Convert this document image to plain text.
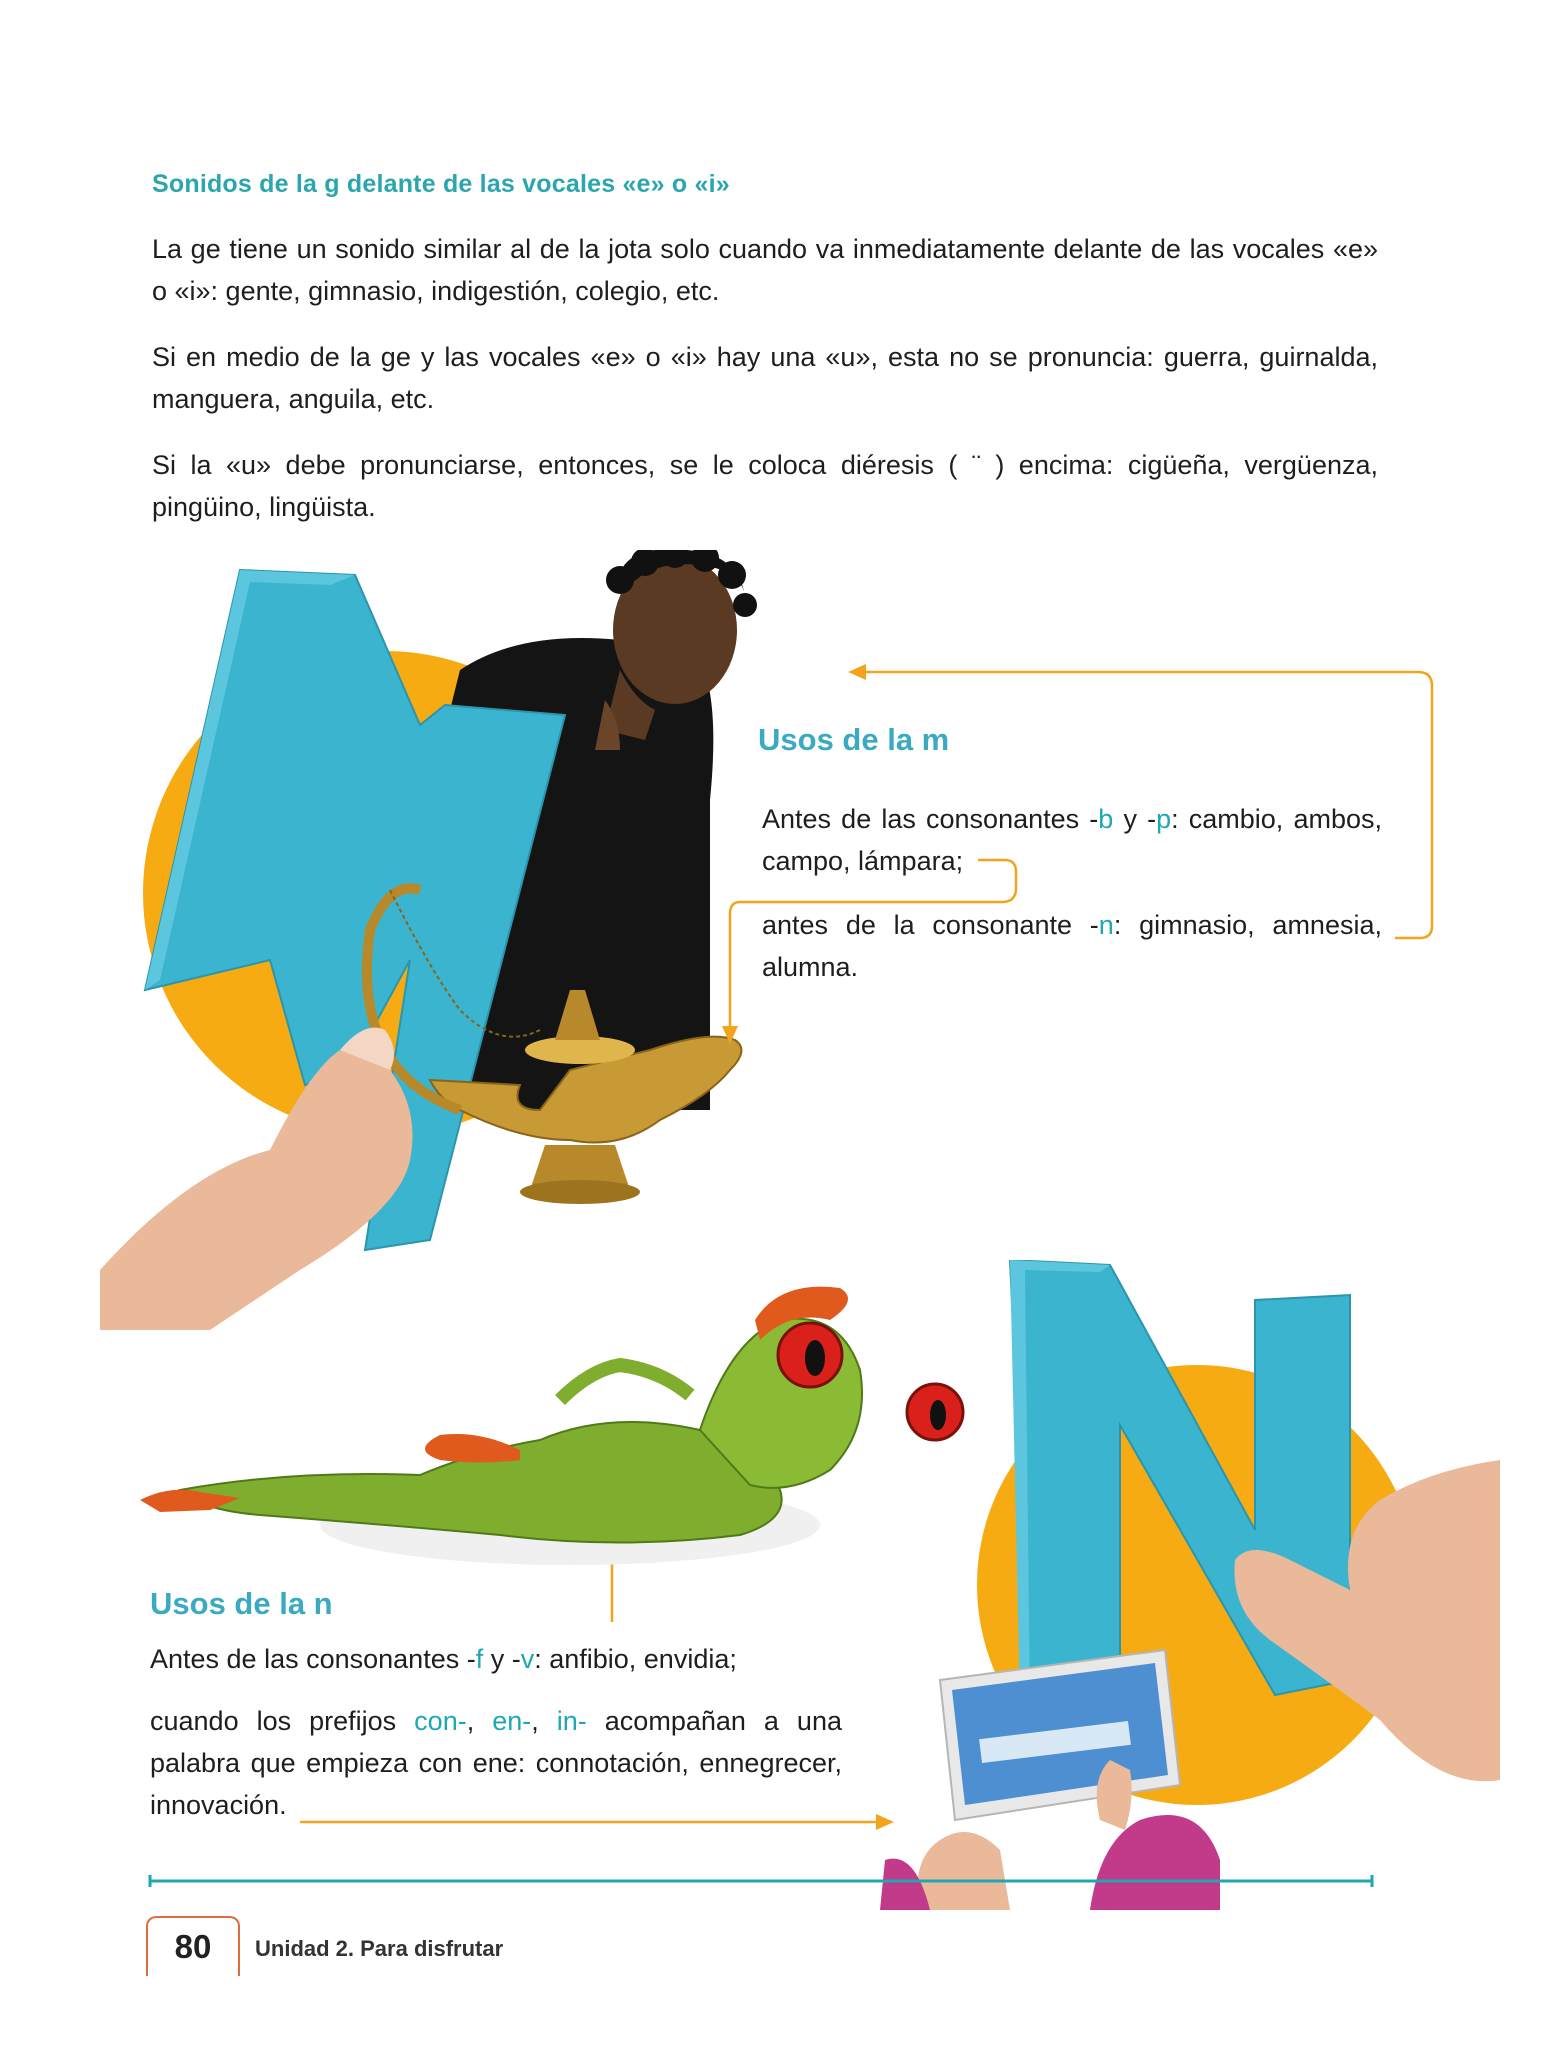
Sonidos de la g delante de las vocales «e» o «i»

La ge tiene un sonido similar al de la jota solo cuando va inmediatamente delante de las vocales «e» o «i»: gente, gimnasio, indigestión, colegio, etc.

Si en medio de la ge y las vocales «e» o «i» hay una «u», esta no se pronuncia: guerra, guirnalda, manguera, anguila, etc.

Si la «u» debe pronunciarse, entonces, se le coloca diéresis ( ¨ ) encima: cigüeña, vergüenza, pingüino, lingüista.

Usos de la m

Antes de las consonantes -b y -p: cambio, ambos, campo, lámpara;

antes de la consonante -n: gimnasio, amnesia, alumna.

Usos de la n

Antes de las consonantes -f y -v: anfibio, envidia;

cuando los prefijos con-, en-, in- acompañan a una palabra que empieza con ene: connotación, ennegrecer, innovación.

80	Unidad 2. Para disfrutar
